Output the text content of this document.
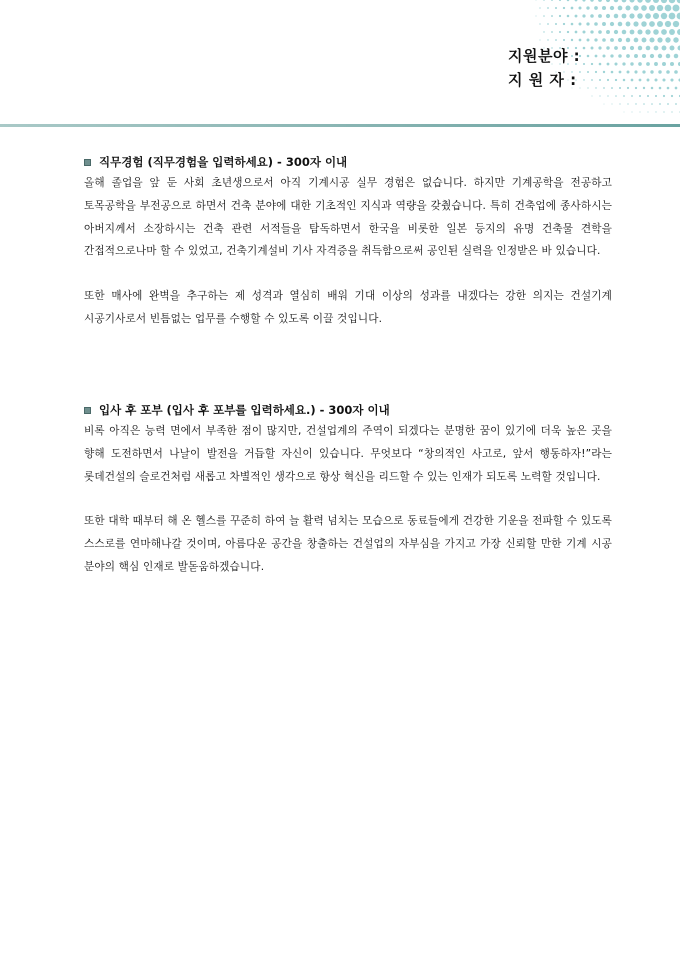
지원분야 :
지 원 자 :
직무경험 (직무경험을 입력하세요) - 300자 이내

올해 졸업을 앞 둔 사회 초년생으로서 아직 기계시공 실무 경험은 없습니다. 하지만 기계공학을 전공하고 토목공학을 부전공으로 하면서 건축 분야에 대한 기초적인 지식과 역량을 갖췄습니다. 특히 건축업에 종사하시는 아버지께서 소장하시는 건축 관련 서적들을 탐독하면서 한국을 비롯한 일본 등지의 유명 건축물 견학을 간접적으로나마 할 수 있었고, 건축기계설비 기사 자격증을 취득함으로써 공인된 실력을 인정받은 바 있습니다.

또한 매사에 완벽을 추구하는 제 성격과 열심히 배워 기대 이상의 성과를 내겠다는 강한 의지는 건설기계 시공기사로서 빈틈없는 업무를 수행할 수 있도록 이끌 것입니다.

입사 후 포부 (입사 후 포부를 입력하세요.) - 300자 이내

비록 아직은 능력 면에서 부족한 점이 많지만, 건설업계의 주역이 되겠다는 분명한 꿈이 있기에 더욱 높은 곳을 향해 도전하면서 나날이 발전을 거듭할 자신이 있습니다. 무엇보다 “창의적인 사고로, 앞서 행동하자!”라는 롯데건설의 슬로건처럼 새롭고 차별적인 생각으로 항상 혁신을 리드할 수 있는 인재가 되도록 노력할 것입니다.

또한 대학 때부터 해 온 헬스를 꾸준히 하여 늘 활력 넘치는 모습으로 동료들에게 건강한 기운을 전파할 수 있도록 스스로를 연마해나갈 것이며, 아름다운 공간을 창출하는 건설업의 자부심을 가지고 가장 신뢰할 만한 기계 시공 분야의 핵심 인재로 발돋움하겠습니다.
